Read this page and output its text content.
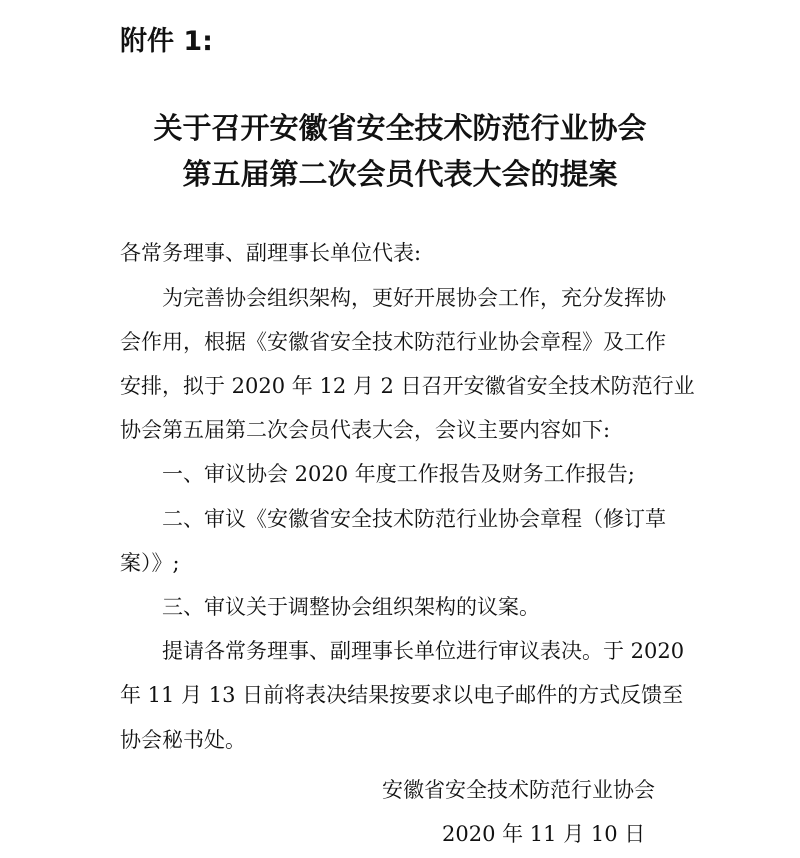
附件 1:
关于召开安徽省安全技术防范行业协会
第五届第二次会员代表大会的提案
各常务理事、副理事长单位代表:
为完善协会组织架构，更好开展协会工作，充分发挥协
会作用，根据《安徽省安全技术防范行业协会章程》及工作
安排，拟于 2020 年 12 月 2 日召开安徽省安全技术防范行业
协会第五届第二次会员代表大会，会议主要内容如下:
一、审议协会 2020 年度工作报告及财务工作报告;
二、审议《安徽省安全技术防范行业协会章程（修订草
案）》;
三、审议关于调整协会组织架构的议案。
提请各常务理事、副理事长单位进行审议表决。于 2020
年 11 月 13 日前将表决结果按要求以电子邮件的方式反馈至
协会秘书处。
安徽省安全技术防范行业协会
2020 年 11 月 10 日
